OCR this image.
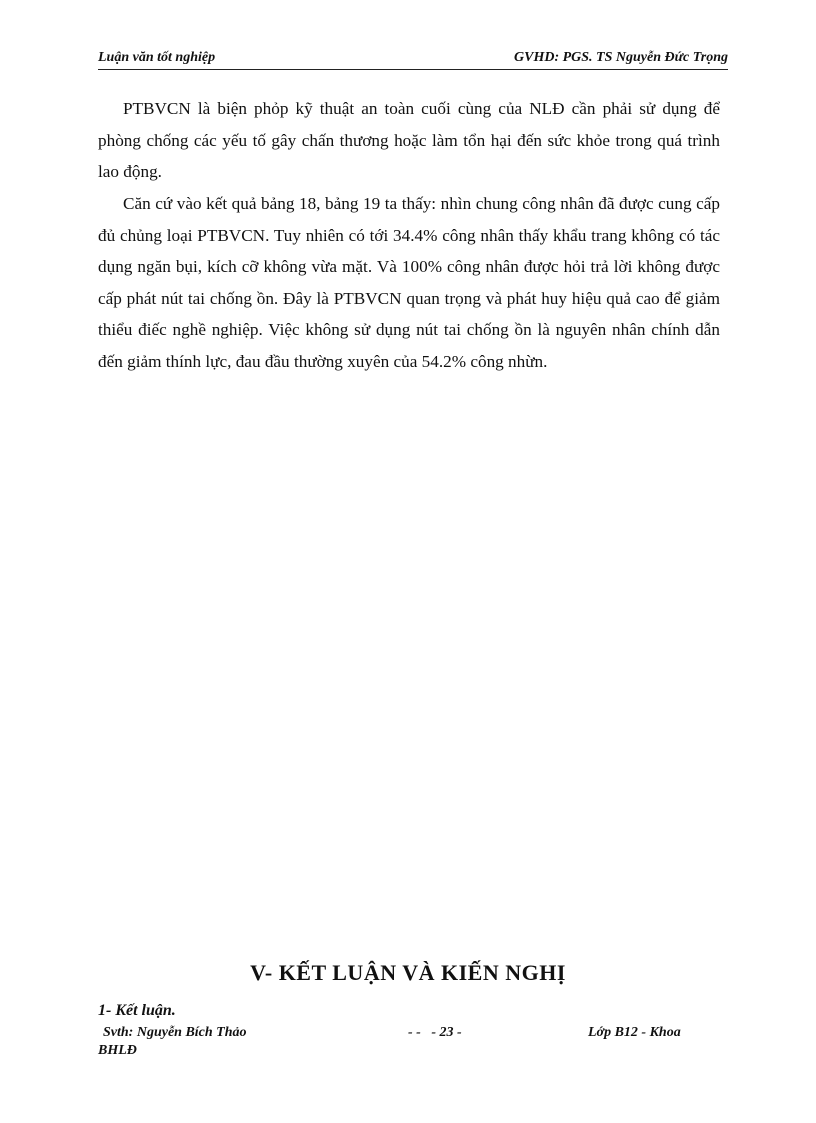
Luận văn tốt nghiệp	GVHD: PGS. TS Nguyễn Đức Trọng

PTBVCN là biện phỏp kỹ thuật an toàn cuối cùng của NLĐ cần phải sử dụng để phòng chống các yếu tố gây chấn thương hoặc làm tổn hại đến sức khỏe trong quá trình lao động.

Căn cứ vào kết quả bảng 18, bảng 19 ta thấy: nhìn chung công nhân đã được cung cấp đủ chủng loại PTBVCN. Tuy nhiên có tới 34.4% công nhân thấy khẩu trang không có tác dụng ngăn bụi, kích cỡ không vừa mặt. Và 100% công nhân được hỏi trả lời không được cấp phát nút tai chống ồn. Đây là PTBVCN quan trọng và phát huy hiệu quả cao để giảm thiểu điếc nghề nghiệp. Việc không sử dụng nút tai chống ồn là nguyên nhân chính dẫn đến giảm thính lực, đau đầu thường xuyên của 54.2% công nhừn.

V- KẾT LUẬN VÀ KIẾN NGHỊ
1- Kết luận.
Svth: Nguyễn Bích Thảo	- -   - 23 -	Lớp B12 - Khoa
BHLĐ
